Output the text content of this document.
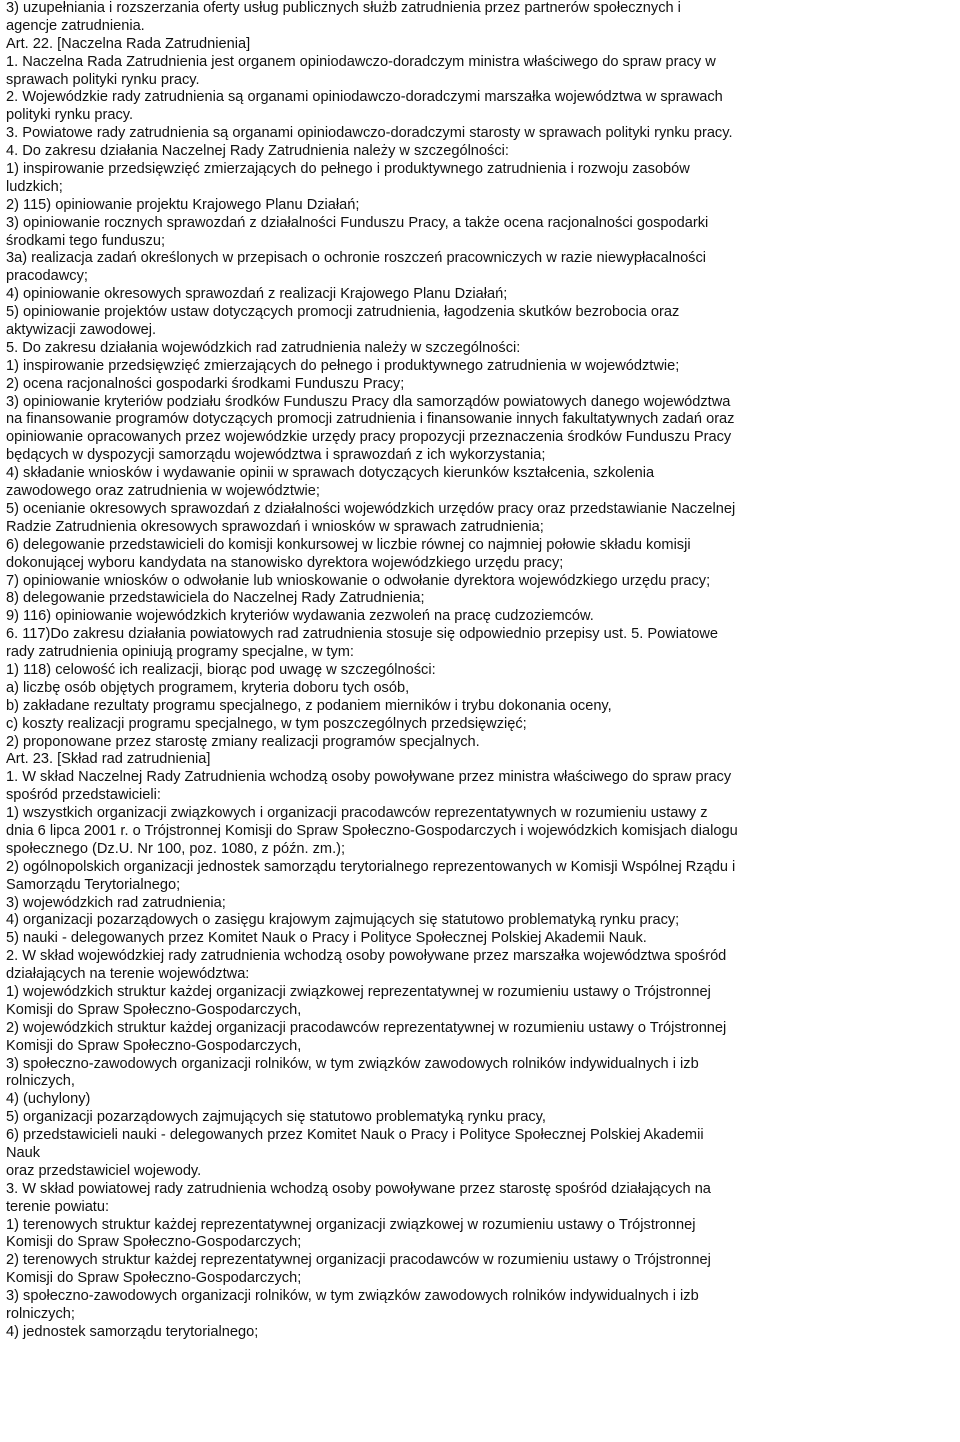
3) uzupełniania i rozszerzania oferty usług publicznych służb zatrudnienia przez partnerów społecznych i
agencje zatrudnienia.
Art. 22. [Naczelna Rada Zatrudnienia]
1. Naczelna Rada Zatrudnienia jest organem opiniodawczo-doradczym ministra właściwego do spraw pracy w
sprawach polityki rynku pracy.
2. Wojewódzkie rady zatrudnienia są organami opiniodawczo-doradczymi marszałka województwa w sprawach
polityki rynku pracy.
3. Powiatowe rady zatrudnienia są organami opiniodawczo-doradczymi starosty w sprawach polityki rynku pracy.
4. Do zakresu działania Naczelnej Rady Zatrudnienia należy w szczególności:
1) inspirowanie przedsięwzięć zmierzających do pełnego i produktywnego zatrudnienia i rozwoju zasobów
ludzkich;
2) 115) opiniowanie projektu Krajowego Planu Działań;
3) opiniowanie rocznych sprawozdań z działalności Funduszu Pracy, a także ocena racjonalności gospodarki
środkami tego funduszu;
3a) realizacja zadań określonych w przepisach o ochronie roszczeń pracowniczych w razie niewypłacalności
pracodawcy;
4) opiniowanie okresowych sprawozdań z realizacji Krajowego Planu Działań;
5) opiniowanie projektów ustaw dotyczących promocji zatrudnienia, łagodzenia skutków bezrobocia oraz
aktywizacji zawodowej.
5. Do zakresu działania wojewódzkich rad zatrudnienia należy w szczególności:
1) inspirowanie przedsięwzięć zmierzających do pełnego i produktywnego zatrudnienia w województwie;
2) ocena racjonalności gospodarki środkami Funduszu Pracy;
3) opiniowanie kryteriów podziału środków Funduszu Pracy dla samorządów powiatowych danego województwa
na finansowanie programów dotyczących promocji zatrudnienia i finansowanie innych fakultatywnych zadań oraz
opiniowanie opracowanych przez wojewódzkie urzędy pracy propozycji przeznaczenia środków Funduszu Pracy
będących w dyspozycji samorządu województwa i sprawozdań z ich wykorzystania;
4) składanie wniosków i wydawanie opinii w sprawach dotyczących kierunków kształcenia, szkolenia
zawodowego oraz zatrudnienia w województwie;
5) ocenianie okresowych sprawozdań z działalności wojewódzkich urzędów pracy oraz przedstawianie Naczelnej
Radzie Zatrudnienia okresowych sprawozdań i wniosków w sprawach zatrudnienia;
6) delegowanie przedstawicieli do komisji konkursowej w liczbie równej co najmniej połowie składu komisji
dokonującej wyboru kandydata na stanowisko dyrektora wojewódzkiego urzędu pracy;
7) opiniowanie wniosków o odwołanie lub wnioskowanie o odwołanie dyrektora wojewódzkiego urzędu pracy;
8) delegowanie przedstawiciela do Naczelnej Rady Zatrudnienia;
9) 116) opiniowanie wojewódzkich kryteriów wydawania zezwoleń na pracę cudzoziemców.
6. 117)Do zakresu działania powiatowych rad zatrudnienia stosuje się odpowiednio przepisy ust. 5. Powiatowe
rady zatrudnienia opiniują programy specjalne, w tym:
1) 118) celowość ich realizacji, biorąc pod uwagę w szczególności:
a) liczbę osób objętych programem, kryteria doboru tych osób,
b) zakładane rezultaty programu specjalnego, z podaniem mierników i trybu dokonania oceny,
c) koszty realizacji programu specjalnego, w tym poszczególnych przedsięwzięć;
2) proponowane przez starostę zmiany realizacji programów specjalnych.
Art. 23. [Skład rad zatrudnienia]
1. W skład Naczelnej Rady Zatrudnienia wchodzą osoby powoływane przez ministra właściwego do spraw pracy
spośród przedstawicieli:
1) wszystkich organizacji związkowych i organizacji pracodawców reprezentatywnych w rozumieniu ustawy z
dnia 6 lipca 2001 r. o Trójstronnej Komisji do Spraw Społeczno-Gospodarczych i wojewódzkich komisjach dialogu
społecznego (Dz.U. Nr 100, poz. 1080, z późn. zm.);
2) ogólnopolskich organizacji jednostek samorządu terytorialnego reprezentowanych w Komisji Wspólnej Rządu i
Samorządu Terytorialnego;
3) wojewódzkich rad zatrudnienia;
4) organizacji pozarządowych o zasięgu krajowym zajmujących się statutowo problematyką rynku pracy;
5) nauki - delegowanych przez Komitet Nauk o Pracy i Polityce Społecznej Polskiej Akademii Nauk.
2. W skład wojewódzkiej rady zatrudnienia wchodzą osoby powoływane przez marszałka województwa spośród
działających na terenie województwa:
1) wojewódzkich struktur każdej organizacji związkowej reprezentatywnej w rozumieniu ustawy o Trójstronnej
Komisji do Spraw Społeczno-Gospodarczych,
2) wojewódzkich struktur każdej organizacji pracodawców reprezentatywnej w rozumieniu ustawy o Trójstronnej
Komisji do Spraw Społeczno-Gospodarczych,
3) społeczno-zawodowych organizacji rolników, w tym związków zawodowych rolników indywidualnych i izb
rolniczych,
4) (uchylony)
5) organizacji pozarządowych zajmujących się statutowo problematyką rynku pracy,
6) przedstawicieli nauki - delegowanych przez Komitet Nauk o Pracy i Polityce Społecznej Polskiej Akademii
Nauk
oraz przedstawiciel wojewody.
3. W skład powiatowej rady zatrudnienia wchodzą osoby powoływane przez starostę spośród działających na
terenie powiatu:
1) terenowych struktur każdej reprezentatywnej organizacji związkowej w rozumieniu ustawy o Trójstronnej
Komisji do Spraw Społeczno-Gospodarczych;
2) terenowych struktur każdej reprezentatywnej organizacji pracodawców w rozumieniu ustawy o Trójstronnej
Komisji do Spraw Społeczno-Gospodarczych;
3) społeczno-zawodowych organizacji rolników, w tym związków zawodowych rolników indywidualnych i izb
rolniczych;
4) jednostek samorządu terytorialnego;
